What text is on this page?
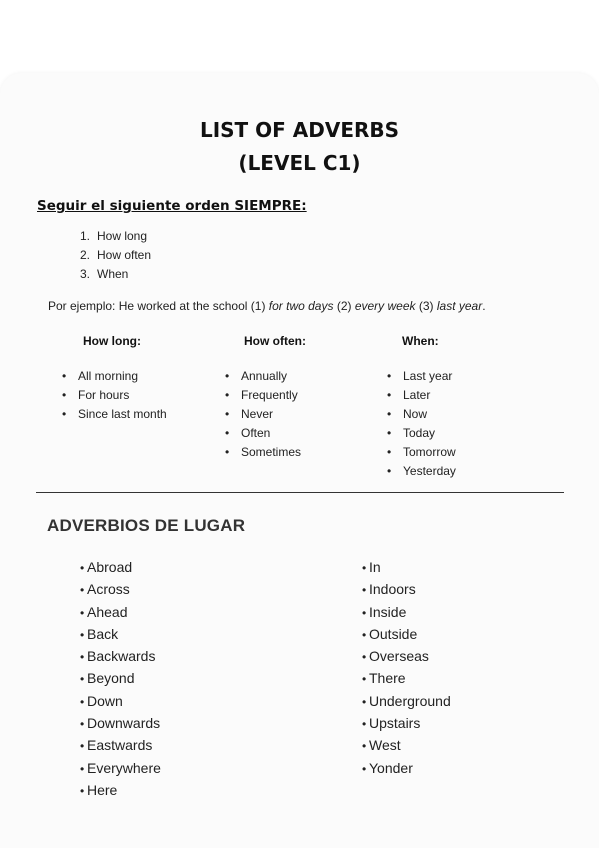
LIST OF ADVERBS
(LEVEL C1)
Seguir el siguiente orden SIEMPRE:
1. How long
2. How often
3. When

Por ejemplo: He worked at the school (1) for two days (2) every week (3) last year.

How long:
• All morning
• For hours
• Since last month
How often:
• Annually
• Frequently
• Never
• Often
• Sometimes
When:
• Last year
• Later
• Now
• Today
• Tomorrow
• Yesterday
ADVERBIOS DE LUGAR
• Abroad
• Across
• Ahead
• Back
• Backwards
• Beyond
• Down
• Downwards
• Eastwards
• Everywhere
• Here
• In
• Indoors
• Inside
• Outside
• Overseas
• There
• Underground
• Upstairs
• West
• Yonder
